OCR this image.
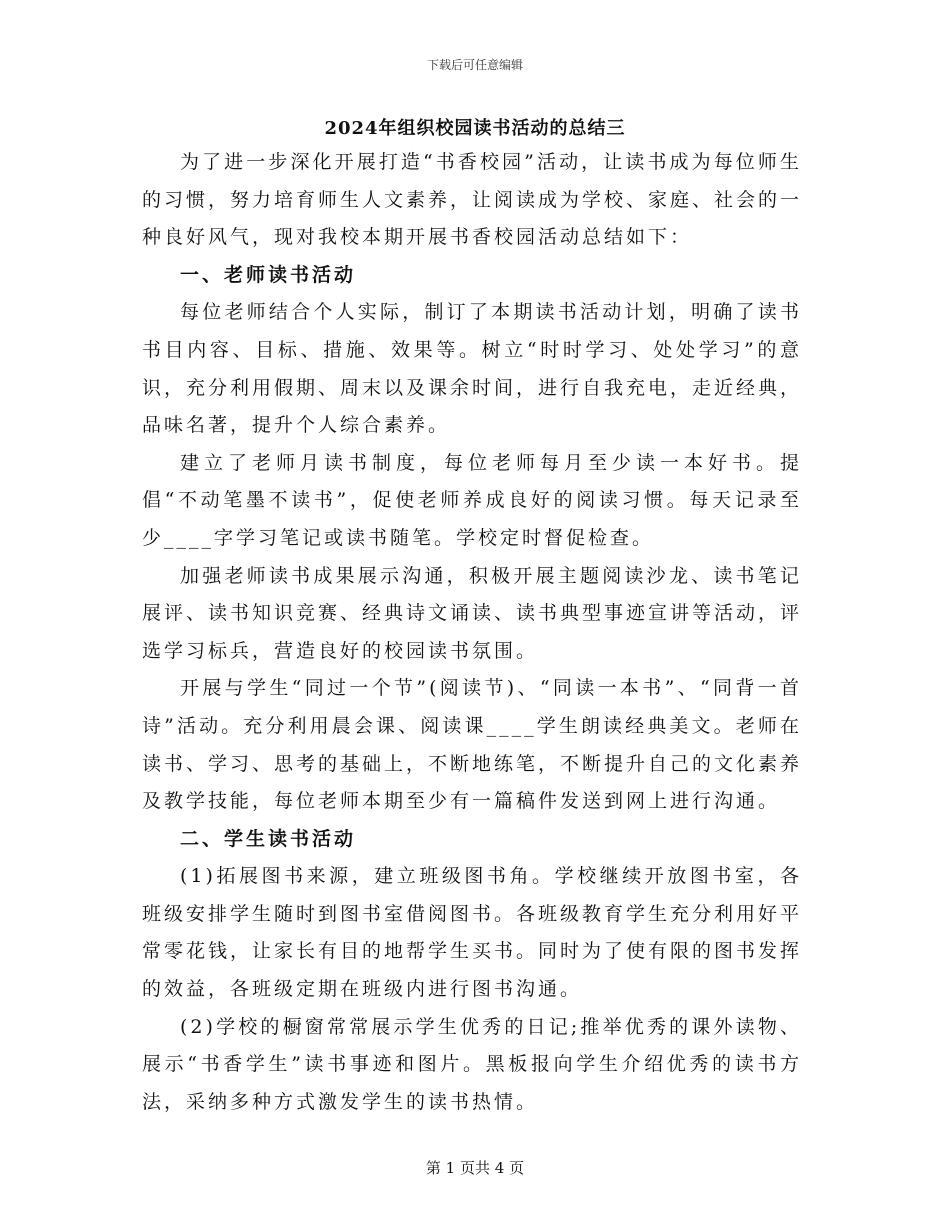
下载后可任意编辑
2024年组织校园读书活动的总结三

为了进一步深化开展打造“书香校园”活动，让读书成为每位师生的习惯，努力培育师生人文素养，让阅读成为学校、家庭、社会的一种良好风气，现对我校本期开展书香校园活动总结如下：

一、老师读书活动

每位老师结合个人实际，制订了本期读书活动计划，明确了读书书目内容、目标、措施、效果等。树立“时时学习、处处学习”的意识，充分利用假期、周末以及课余时间，进行自我充电，走近经典，品味名著，提升个人综合素养。

建立了老师月读书制度，每位老师每月至少读一本好书。提倡“不动笔墨不读书”，促使老师养成良好的阅读习惯。每天记录至少____字学习笔记或读书随笔。学校定时督促检查。

加强老师读书成果展示沟通，积极开展主题阅读沙龙、读书笔记展评、读书知识竞赛、经典诗文诵读、读书典型事迹宣讲等活动，评选学习标兵，营造良好的校园读书氛围。

开展与学生“同过一个节”(阅读节)、“同读一本书”、“同背一首诗”活动。充分利用晨会课、阅读课____学生朗读经典美文。老师在读书、学习、思考的基础上，不断地练笔，不断提升自己的文化素养及教学技能，每位老师本期至少有一篇稿件发送到网上进行沟通。

二、学生读书活动

(1)拓展图书来源，建立班级图书角。学校继续开放图书室，各班级安排学生随时到图书室借阅图书。各班级教育学生充分利用好平常零花钱，让家长有目的地帮学生买书。同时为了使有限的图书发挥的效益，各班级定期在班级内进行图书沟通。

(2)学校的橱窗常常展示学生优秀的日记;推举优秀的课外读物、展示“书香学生”读书事迹和图片。黑板报向学生介绍优秀的读书方法，采纳多种方式激发学生的读书热情。

第 1 页共 4 页
